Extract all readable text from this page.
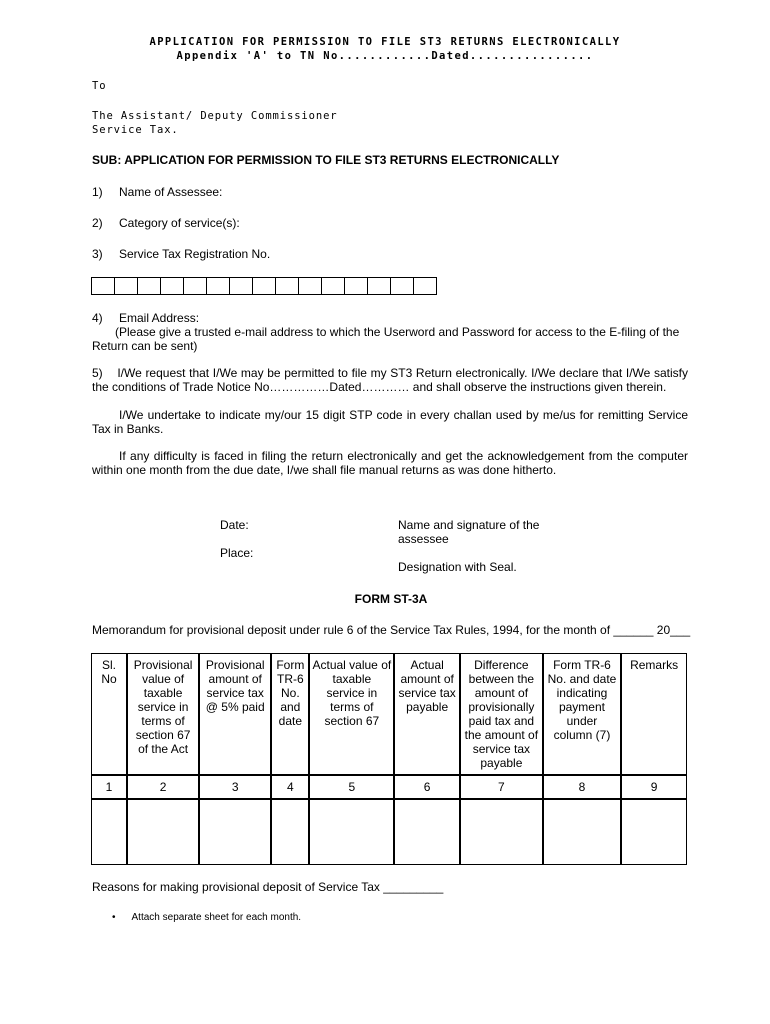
APPLICATION FOR PERMISSION TO FILE ST3 RETURNS ELECTRONICALLY
Appendix 'A' to TN No............Dated................
To
The Assistant/ Deputy Commissioner
Service Tax.
SUB: APPLICATION FOR PERMISSION TO FILE ST3 RETURNS ELECTRONICALLY
1) Name of Assessee:
2) Category of service(s):
3) Service Tax Registration No.
4) Email Address:
(Please give a trusted e-mail address to which the Userword and Password for access to the E-filing of the Return can be sent)
5) I/We request that I/We may be permitted to file my ST3 Return electronically. I/We declare that I/We satisfy the conditions of Trade Notice No……………Dated………… and shall observe the instructions given therein.
I/We undertake to indicate my/our 15 digit STP code in every challan used by me/us for remitting Service Tax in Banks.
If any difficulty is faced in filing the return electronically and get the acknowledgement from the computer within one month from the due date, I/we shall file manual returns as was done hitherto.
Date:
Place:
Name and signature of the assessee
Designation with Seal.
FORM ST-3A
Memorandum for provisional deposit under rule 6 of the Service Tax Rules, 1994, for the month of ______ 20___
Sl. No	Provisional value of taxable service in terms of section 67 of the Act	Provisional amount of service tax @ 5% paid	Form TR-6 No. and date	Actual value of taxable service in terms of section 67	Actual amount of service tax payable	Difference between the amount of provisionally paid tax and the amount of service tax payable	Form TR-6 No. and date indicating payment under column (7)	Remarks
1	2	3	4	5	6	7	8	9

Reasons for making provisional deposit of Service Tax _________
• Attach separate sheet for each month.
